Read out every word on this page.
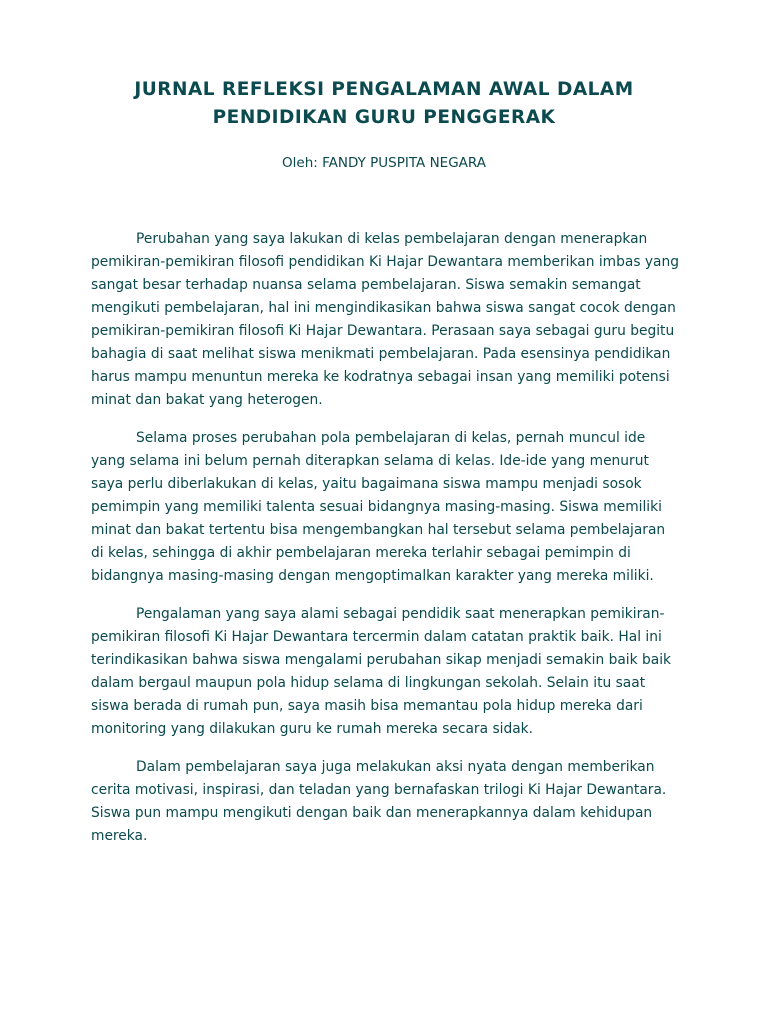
JURNAL REFLEKSI PENGALAMAN AWAL DALAM
PENDIDIKAN GURU PENGGERAK

Oleh: FANDY PUSPITA NEGARA

Perubahan yang saya lakukan di kelas pembelajaran dengan menerapkan pemikiran-pemikiran filosofi pendidikan Ki Hajar Dewantara memberikan imbas yang sangat besar terhadap nuansa selama pembelajaran. Siswa semakin semangat mengikuti pembelajaran, hal ini mengindikasikan bahwa siswa sangat cocok dengan pemikiran-pemikiran filosofi Ki Hajar Dewantara. Perasaan saya sebagai guru begitu bahagia di saat melihat siswa menikmati pembelajaran. Pada esensinya pendidikan harus mampu menuntun mereka ke kodratnya sebagai insan yang memiliki potensi minat dan bakat yang heterogen.

Selama proses perubahan pola pembelajaran di kelas, pernah muncul ide yang selama ini belum pernah diterapkan selama di kelas. Ide-ide yang menurut saya perlu diberlakukan di kelas, yaitu bagaimana siswa mampu menjadi sosok pemimpin yang memiliki talenta sesuai bidangnya masing-masing. Siswa memiliki minat dan bakat tertentu bisa mengembangkan hal tersebut selama pembelajaran di kelas, sehingga di akhir pembelajaran mereka terlahir sebagai pemimpin di bidangnya masing-masing dengan mengoptimalkan karakter yang mereka miliki.

Pengalaman yang saya alami sebagai pendidik saat menerapkan pemikiran-pemikiran filosofi Ki Hajar Dewantara tercermin dalam catatan praktik baik. Hal ini terindikasikan bahwa siswa mengalami perubahan sikap menjadi semakin baik baik dalam bergaul maupun pola hidup selama di lingkungan sekolah. Selain itu saat siswa berada di rumah pun, saya masih bisa memantau pola hidup mereka dari monitoring yang dilakukan guru ke rumah mereka secara sidak.

Dalam pembelajaran saya juga melakukan aksi nyata dengan memberikan cerita motivasi, inspirasi, dan teladan yang bernafaskan trilogi Ki Hajar Dewantara. Siswa pun mampu mengikuti dengan baik dan menerapkannya dalam kehidupan mereka.
